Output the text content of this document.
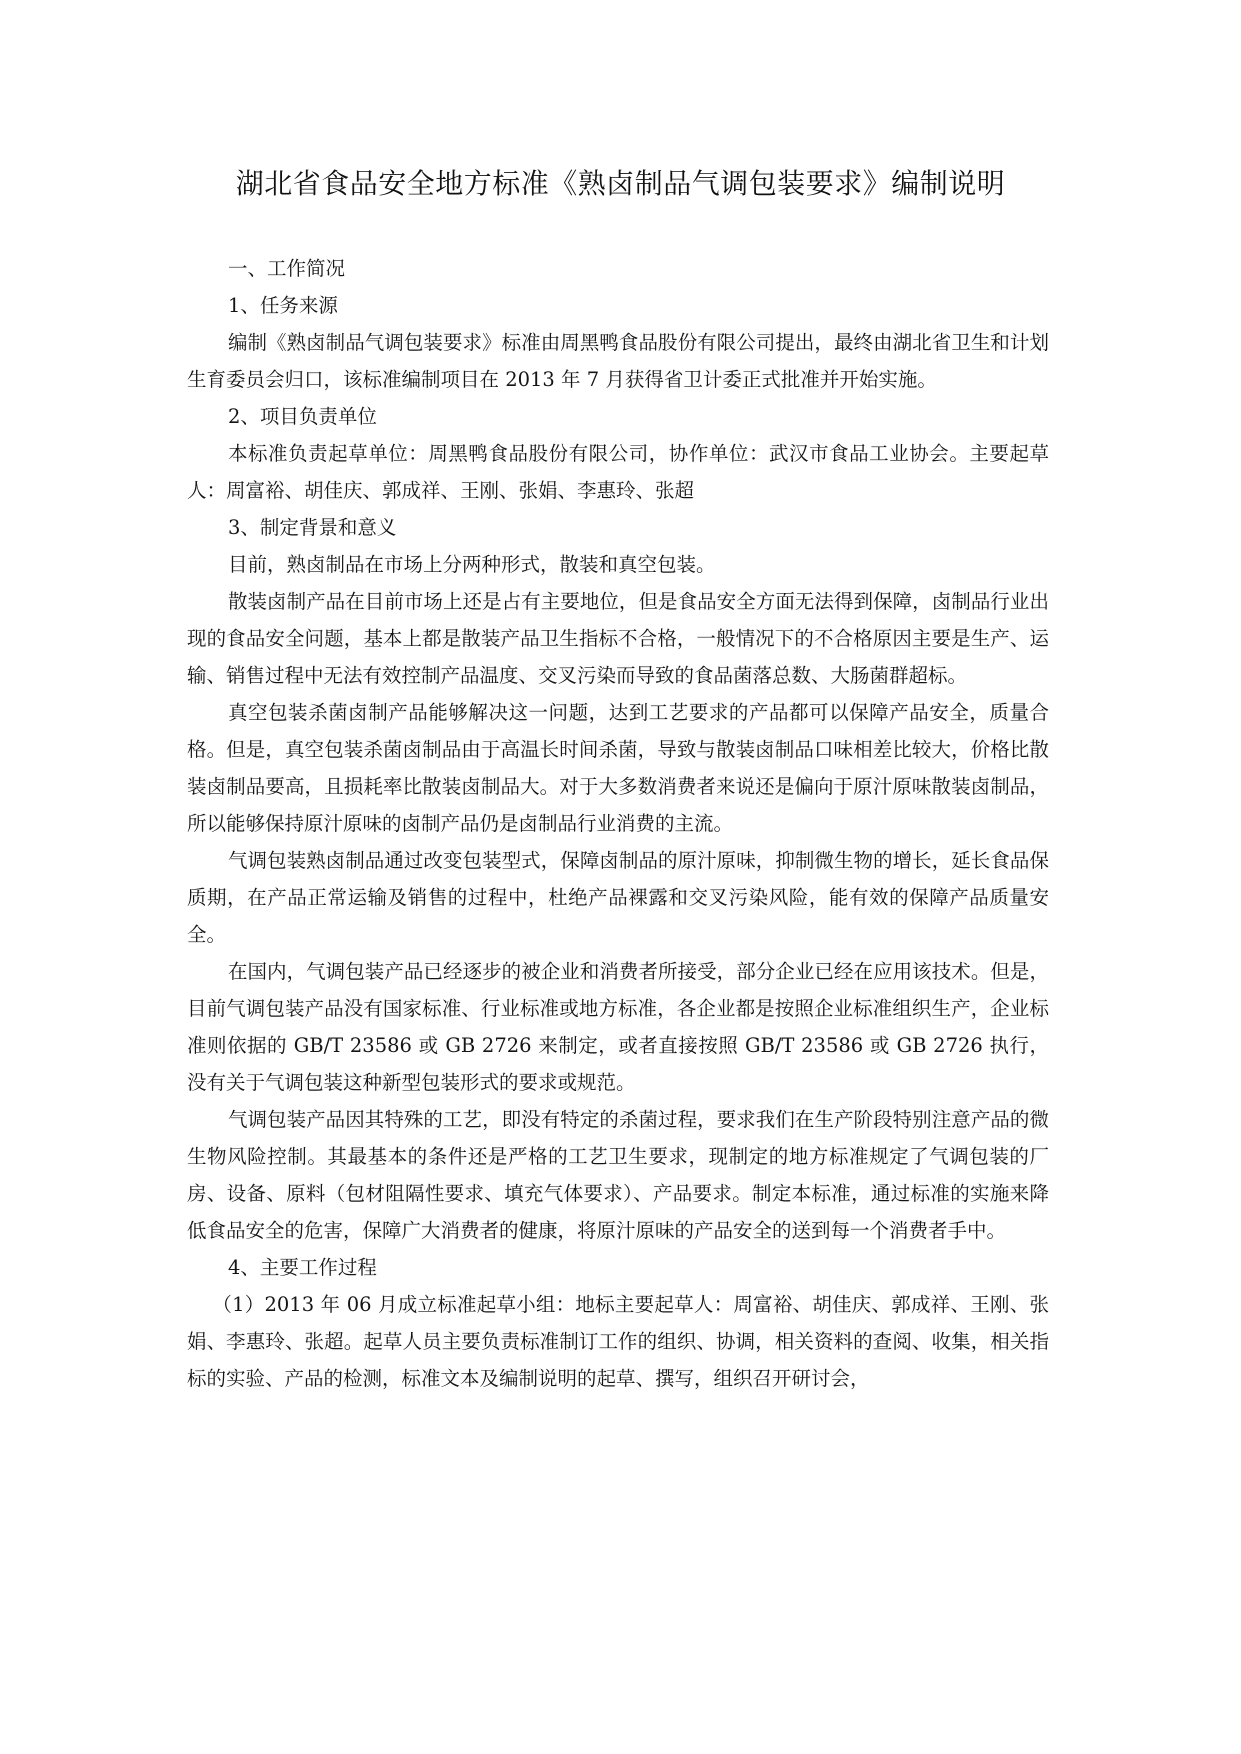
湖北省食品安全地方标准《熟卤制品气调包装要求》编制说明

一、工作简况

1、任务来源

编制《熟卤制品气调包装要求》标准由周黑鸭食品股份有限公司提出，最终由湖北省卫生和计划生育委员会归口，该标准编制项目在 2013 年 7 月获得省卫计委正式批准并开始实施。

2、项目负责单位

本标准负责起草单位：周黑鸭食品股份有限公司，协作单位：武汉市食品工业协会。主要起草人：周富裕、胡佳庆、郭成祥、王刚、张娟、李惠玲、张超

3、制定背景和意义

目前，熟卤制品在市场上分两种形式，散装和真空包装。

散装卤制产品在目前市场上还是占有主要地位，但是食品安全方面无法得到保障，卤制品行业出现的食品安全问题，基本上都是散装产品卫生指标不合格，一般情况下的不合格原因主要是生产、运输、销售过程中无法有效控制产品温度、交叉污染而导致的食品菌落总数、大肠菌群超标。

真空包装杀菌卤制产品能够解决这一问题，达到工艺要求的产品都可以保障产品安全，质量合格。但是，真空包装杀菌卤制品由于高温长时间杀菌，导致与散装卤制品口味相差比较大，价格比散装卤制品要高，且损耗率比散装卤制品大。对于大多数消费者来说还是偏向于原汁原味散装卤制品，所以能够保持原汁原味的卤制产品仍是卤制品行业消费的主流。

气调包装熟卤制品通过改变包装型式，保障卤制品的原汁原味，抑制微生物的增长，延长食品保质期，在产品正常运输及销售的过程中，杜绝产品裸露和交叉污染风险，能有效的保障产品质量安全。

在国内，气调包装产品已经逐步的被企业和消费者所接受，部分企业已经在应用该技术。但是，目前气调包装产品没有国家标准、行业标准或地方标准，各企业都是按照企业标准组织生产，企业标准则依据的 GB/T 23586 或 GB 2726 来制定，或者直接按照 GB/T 23586 或 GB 2726 执行，没有关于气调包装这种新型包装形式的要求或规范。

气调包装产品因其特殊的工艺，即没有特定的杀菌过程，要求我们在生产阶段特别注意产品的微生物风险控制。其最基本的条件还是严格的工艺卫生要求，现制定的地方标准规定了气调包装的厂房、设备、原料（包材阻隔性要求、填充气体要求）、产品要求。制定本标准，通过标准的实施来降低食品安全的危害，保障广大消费者的健康，将原汁原味的产品安全的送到每一个消费者手中。

4、主要工作过程

（1）2013 年 06 月成立标准起草小组：地标主要起草人：周富裕、胡佳庆、郭成祥、王刚、张娟、李惠玲、张超。起草人员主要负责标准制订工作的组织、协调，相关资料的查阅、收集，相关指标的实验、产品的检测，标准文本及编制说明的起草、撰写，组织召开研讨会，
